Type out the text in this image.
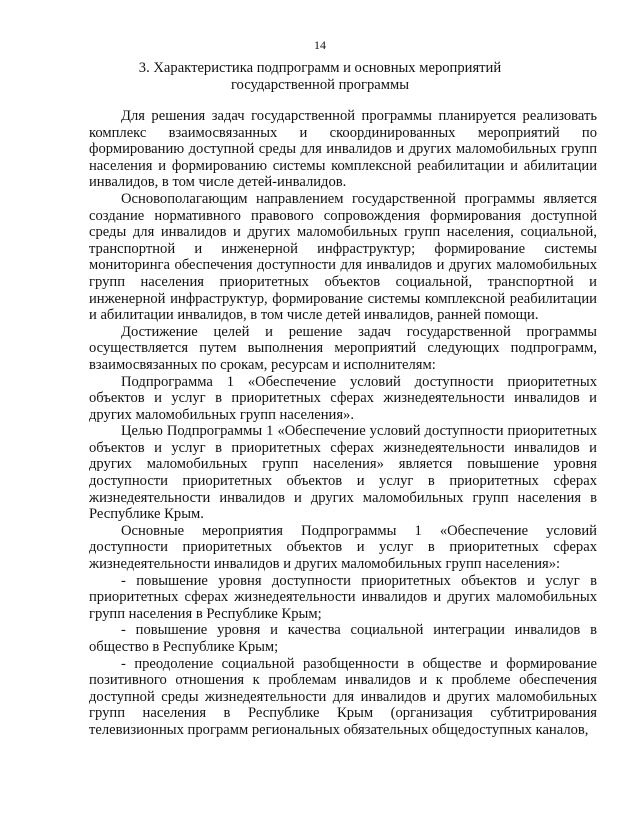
14
3. Характеристика подпрограмм и основных мероприятий государственной программы

Для решения задач государственной программы планируется реализовать комплекс взаимосвязанных и скоординированных мероприятий по формированию доступной среды для инвалидов и других маломобильных групп населения и формированию системы комплексной реабилитации и абилитации инвалидов, в том числе детей-инвалидов.

Основополагающим направлением государственной программы является создание нормативного правового сопровождения формирования доступной среды для инвалидов и других маломобильных групп населения, социальной, транспортной и инженерной инфраструктур; формирование системы мониторинга обеспечения доступности для инвалидов и других маломобильных групп населения приоритетных объектов социальной, транспортной и инженерной инфраструктур, формирование системы комплексной реабилитации и абилитации инвалидов, в том числе детей инвалидов, ранней помощи.

Достижение целей и решение задач государственной программы осуществляется путем выполнения мероприятий следующих подпрограмм, взаимосвязанных по срокам, ресурсам и исполнителям:

Подпрограмма 1 «Обеспечение условий доступности приоритетных объектов и услуг в приоритетных сферах жизнедеятельности инвалидов и других маломобильных групп населения».

Целью Подпрограммы 1 «Обеспечение условий доступности приоритетных объектов и услуг в приоритетных сферах жизнедеятельности инвалидов и других маломобильных групп населения» является повышение уровня доступности приоритетных объектов и услуг в приоритетных сферах жизнедеятельности инвалидов и других маломобильных групп населения в Республике Крым.

Основные мероприятия Подпрограммы 1 «Обеспечение условий доступности приоритетных объектов и услуг в приоритетных сферах жизнедеятельности инвалидов и других маломобильных групп населения»:

- повышение уровня доступности приоритетных объектов и услуг в приоритетных сферах жизнедеятельности инвалидов и других маломобильных групп населения в Республике Крым;

- повышение уровня и качества социальной интеграции инвалидов в общество в Республике Крым;

- преодоление социальной разобщенности в обществе и формирование позитивного отношения к проблемам инвалидов и к проблеме обеспечения доступной среды жизнедеятельности для инвалидов и других маломобильных групп населения в Республике Крым (организация субтитрирования телевизионных программ региональных обязательных общедоступных каналов,
